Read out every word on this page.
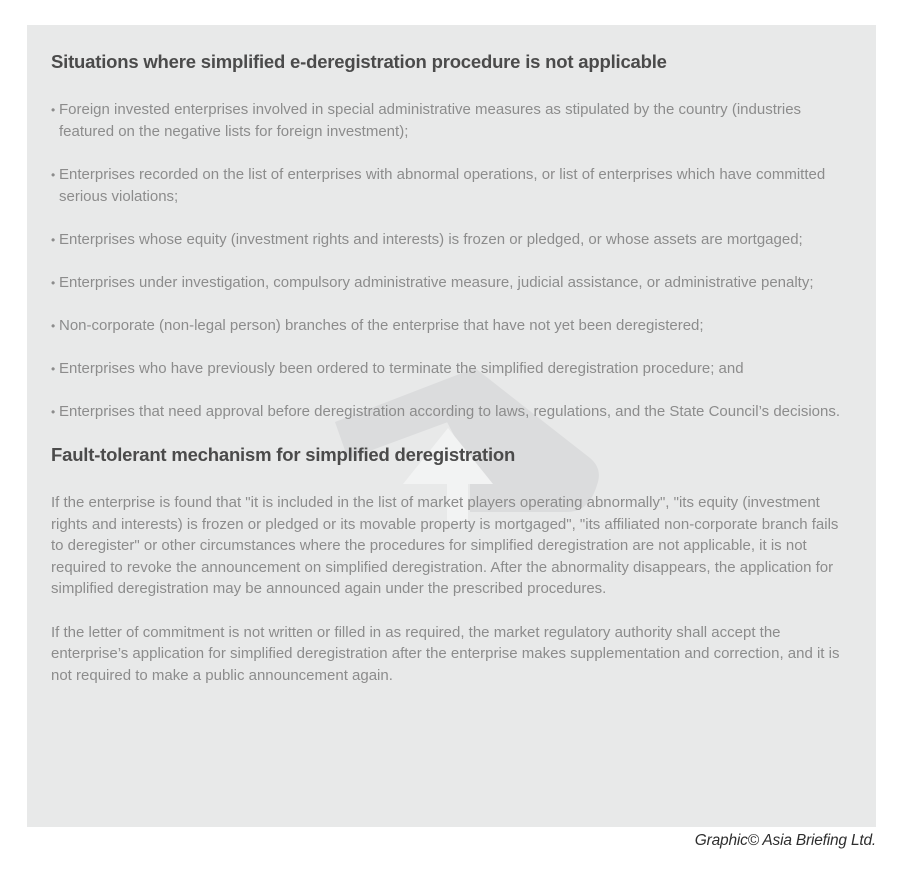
Situations where simplified e-deregistration procedure is not applicable
• Foreign invested enterprises involved in special administrative measures as stipulated by the country (industries featured on the negative lists for foreign investment);
• Enterprises recorded on the list of enterprises with abnormal operations, or list of enterprises which have committed serious violations;
• Enterprises whose equity (investment rights and interests) is frozen or pledged, or whose assets are mortgaged;
• Enterprises under investigation, compulsory administrative measure, judicial assistance, or administrative penalty;
• Non-corporate (non-legal person) branches of the enterprise that have not yet been deregistered;
• Enterprises who have previously been ordered to terminate the simplified deregistration procedure; and
• Enterprises that need approval before deregistration according to laws, regulations, and the State Council’s decisions.
Fault-tolerant mechanism for simplified deregistration

If the enterprise is found that "it is included in the list of market players operating abnormally", "its equity (investment rights and interests) is frozen or pledged or its movable property is mortgaged", "its affiliated non-corporate branch fails to deregister" or other circumstances where the procedures for simplified deregistration are not applicable, it is not required to revoke the announcement on simplified deregistration. After the abnormality disappears, the application for simplified deregistration may be announced again under the prescribed procedures.

If the letter of commitment is not written or filled in as required, the market regulatory authority shall accept the enterprise’s application for simplified deregistration after the enterprise makes supplementation and correction, and it is not required to make a public announcement again.

Graphic© Asia Briefing Ltd.
